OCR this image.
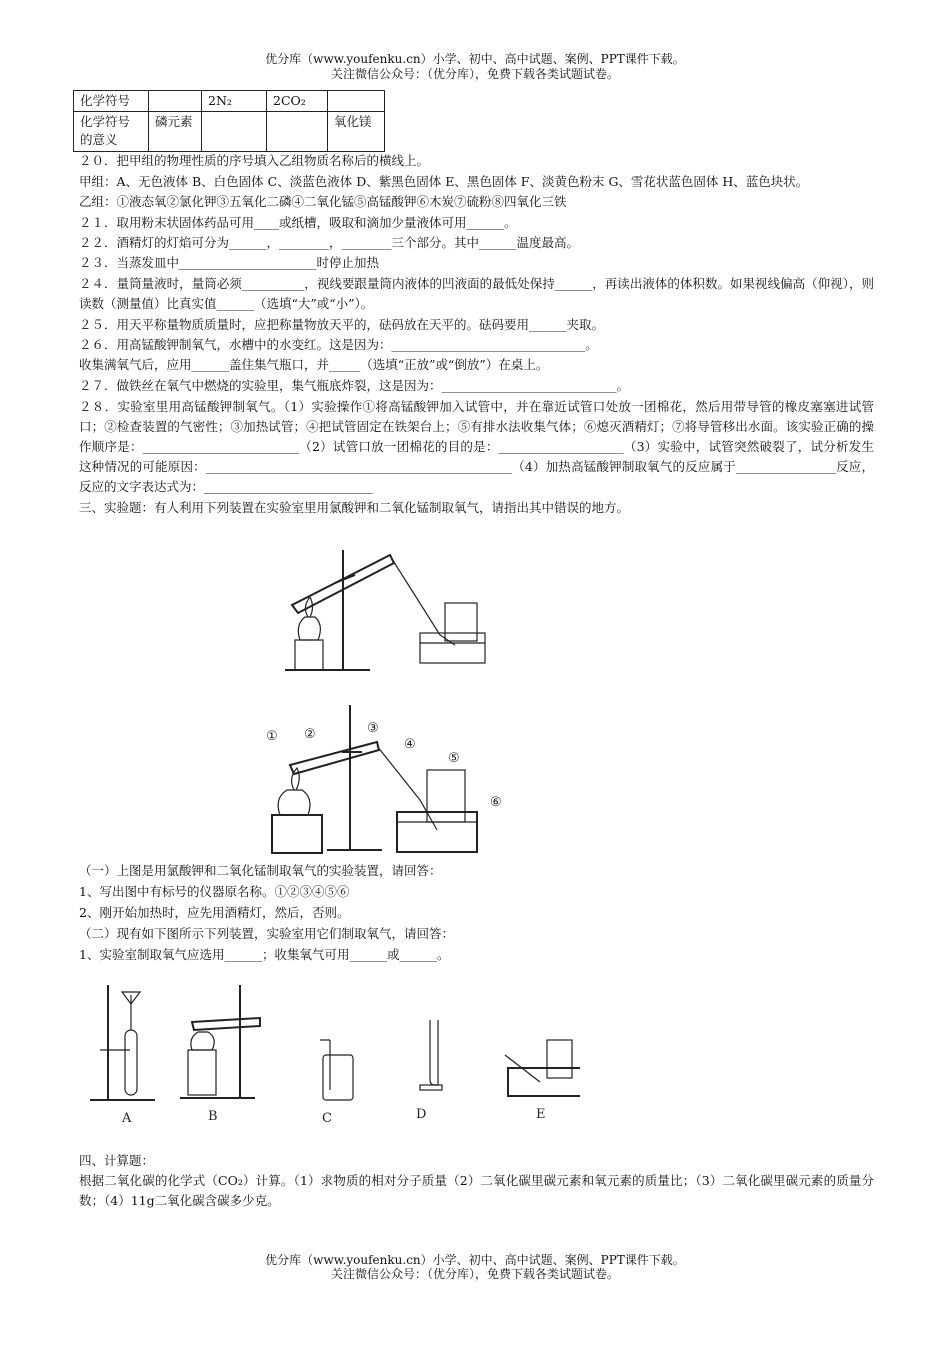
优分库（www.youfenku.cn）小学、初中、高中试题、案例、PPT课件下载。
关注微信公众号：（优分库），免费下载各类试题试卷。
化学符号		2N₂	2CO₂	
化学符号的意义	磷元素			氧化镁
２０．把甲组的物理性质的序号填入乙组物质名称后的横线上。
甲组：A、无色液体 B、白色固体 C、淡蓝色液体 D、紫黑色固体 E、黑色固体 F、淡黄色粉末 G、雪花状蓝色固体 H、蓝色块状。
乙组：①液态氧②氯化钾③五氧化二磷④二氧化锰⑤高锰酸钾⑥木炭⑦硫粉⑧四氧化三铁
２１．取用粉末状固体药品可用____或纸槽，吸取和滴加少量液体可用______。
２２．酒精灯的灯焰可分为______，________，________三个部分。其中______温度最高。
２３．当蒸发皿中______________________时停止加热
２４．量筒量液时，量筒必须__________，视线要跟量筒内液体的凹液面的最低处保持______，再读出液体的体积数。如果视线偏高（仰视），则读数（测量值）比真实值______（选填“大”或“小”）。
２５．用天平称量物质质量时，应把称量物放天平的，砝码放在天平的。砝码要用______夹取。
２６．用高锰酸钾制氧气，水槽中的水变红。这是因为：_______________________________。
收集满氧气后，应用______盖住集气瓶口，并_____（选填“正放”或“倒放”）在桌上。
２７．做铁丝在氧气中燃烧的实验里，集气瓶底炸裂，这是因为：____________________________。
２８．实验室里用高锰酸钾制氧气。（1）实验操作①将高锰酸钾加入试管中，并在靠近试管口处放一团棉花，然后用带导管的橡皮塞塞进试管口；②检查装置的气密性；③加热试管；④把试管固定在铁架台上；⑤有排水法收集气体；⑥熄灭酒精灯；⑦将导管移出水面。该实验正确的操作顺序是：_________________________（2）试管口放一团棉花的目的是：____________________（3）实验中，试管突然破裂了，试分析发生这种情况的可能原因：_________________________________________________（4）加热高锰酸钾制取氧气的反应属于________________反应，反应的文字表达式为：___________________________
三、实验题：有人利用下列装置在实验室里用氯酸钾和二氧化锰制取氧气，请指出其中错误的地方。
① ②	③
④
⑤
⑥
（一）上图是用氯酸钾和二氧化锰制取氧气的实验装置，请回答：
1、写出图中有标号的仪器原名称。①②③④⑤⑥
2、刚开始加热时，应先用酒精灯，然后，否则。
（二）现有如下图所示下列装置，实验室用它们制取氧气，请回答：
1、实验室制取氧气应选用______；收集氧气可用______或______。
A	B	C	D	E
四、计算题：
根据二氧化碳的化学式（CO₂）计算。（1）求物质的相对分子质量（2）二氧化碳里碳元素和氧元素的质量比；（3）二氧化碳里碳元素的质量分数；（4）11g二氧化碳含碳多少克。
优分库（www.youfenku.cn）小学、初中、高中试题、案例、PPT课件下载。
关注微信公众号：（优分库），免费下载各类试题试卷。
